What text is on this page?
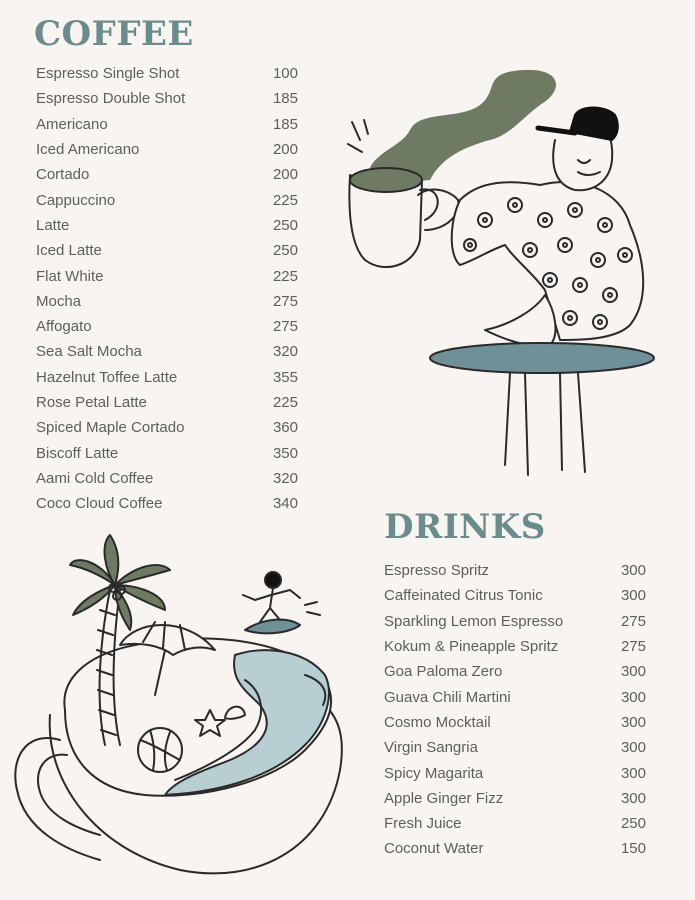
COFFEE
Espresso Single Shot	100
Espresso Double Shot	185
Americano	185
Iced Americano	200
Cortado	200
Cappuccino	225
Latte	250
Iced Latte	250
Flat White	225
Mocha	275
Affogato	275
Sea Salt Mocha	320
Hazelnut Toffee Latte	355
Rose Petal Latte	225
Spiced Maple Cortado	360
Biscoff Latte	350
Aami Cold Coffee	320
Coco Cloud Coffee	340
DRINKS
Espresso Spritz	300
Caffeinated Citrus Tonic	300
Sparkling Lemon Espresso	275
Kokum & Pineapple Spritz	275
Goa Paloma Zero	300
Guava Chili Martini	300
Cosmo Mocktail	300
Virgin Sangria	300
Spicy Magarita	300
Apple Ginger Fizz	300
Fresh Juice	250
Coconut Water	150
